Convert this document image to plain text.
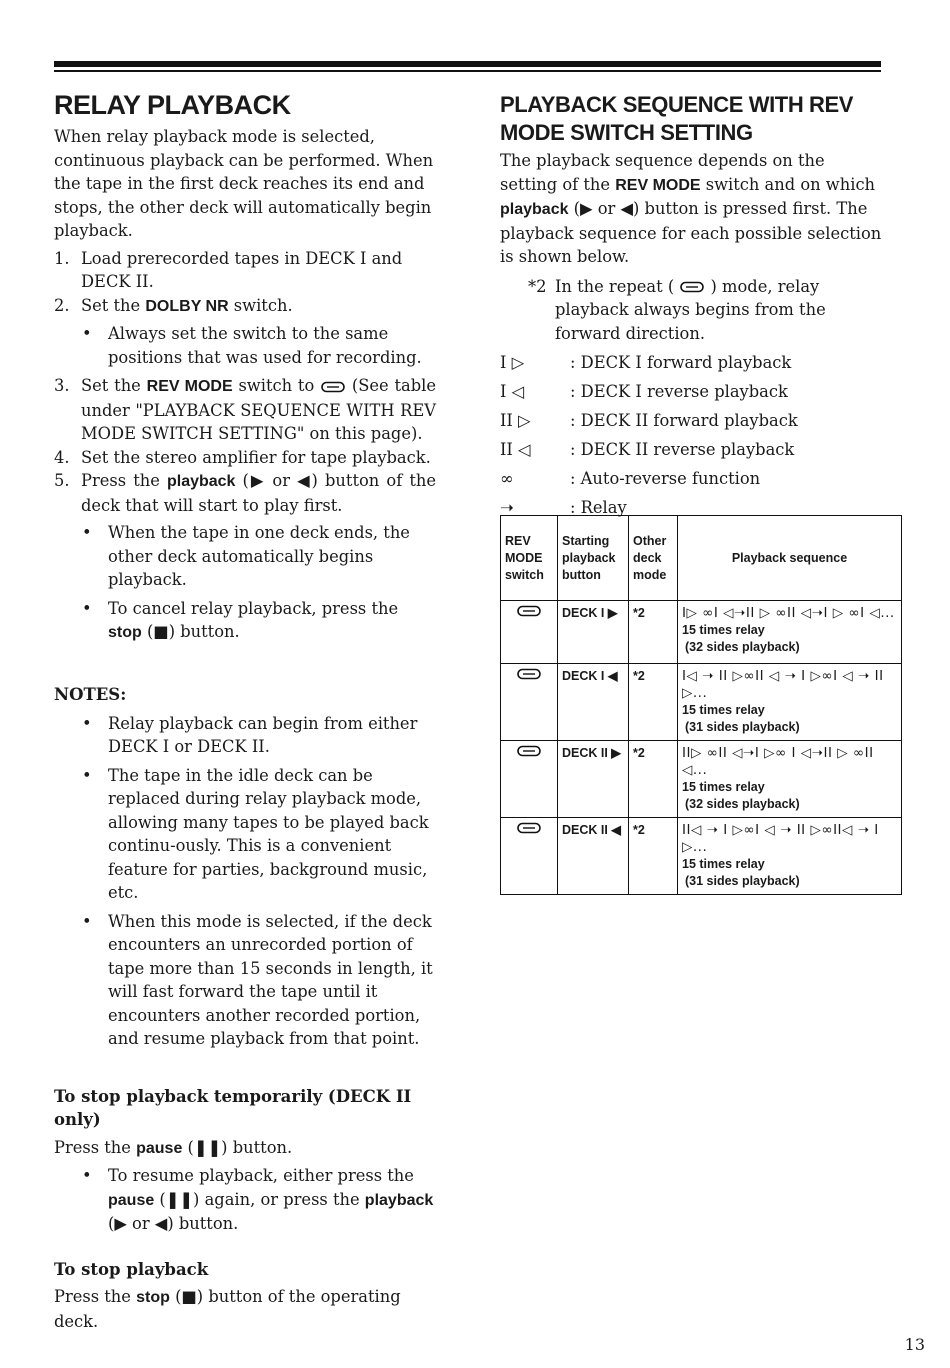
RELAY PLAYBACK

When relay playback mode is selected, continuous playback can be performed. When the tape in the first deck reaches its end and stops, the other deck will automatically begin playback.

1. Load prerecorded tapes in DECK I and DECK II.
2. Set the DOLBY NR switch.
• Always set the switch to the same positions that was used for recording.
3. Set the REV MODE switch to  (See table under "PLAYBACK SEQUENCE WITH REV MODE SWITCH SETTING" on this page).
4. Set the stereo amplifier for tape playback.
5. Press the playback (▶ or ◀) button of the deck that will start to play first.
• When the tape in one deck ends, the other deck automatically begins playback.
• To cancel relay playback, press the stop (■) button.
NOTES:
• Relay playback can begin from either DECK I or DECK II.
• The tape in the idle deck can be replaced during relay playback mode, allowing many tapes to be played back continu-ously. This is a convenient feature for parties, background music, etc.
• When this mode is selected, if the deck encounters an unrecorded portion of tape more than 15 seconds in length, it will fast forward the tape until it encounters another recorded portion, and resume playback from that point.
To stop playback temporarily (DECK II only)

Press the pause (❚❚) button.

• To resume playback, either press the pause (❚❚) again, or press the playback (▶ or ◀) button.
To stop playback

Press the stop (■) button of the operating deck.

PLAYBACK SEQUENCE WITH REV
MODE SWITCH SETTING

The playback sequence depends on the setting of the REV MODE switch and on which playback (▶ or ◀) button is pressed first. The playback sequence for each possible selection is shown below.

*2 In the repeat (  ) mode, relay playback always begins from the forward direction.

I ▷	: DECK I forward playback
I ◁	: DECK I reverse playback
II ▷ : DECK II forward playback
II ◁ : DECK II reverse playback
∞	: Auto-reverse function
➝	: Relay
REV MODE switch	Starting playback button	Other deck mode	Playback sequence
	DECK I ▶	*2	I▷ ∞I ◁➝II ▷ ∞II ◁➝I ▷ ∞I ◁...
15 times relay
(32 sides playback)

	DECK I ◀	*2	I◁ ➝ II ▷∞II ◁ ➝ I ▷∞I ◁ ➝ II ▷...
15 times relay
(31 sides playback)

	DECK II ▶	*2	II▷ ∞II ◁➝I ▷∞ I ◁➝II ▷ ∞II ◁...
15 times relay
(32 sides playback)

	DECK II ◀	*2	II◁ ➝ I ▷∞I ◁ ➝ II ▷∞II◁ ➝ I ▷...
15 times relay
(31 sides playback)
13
